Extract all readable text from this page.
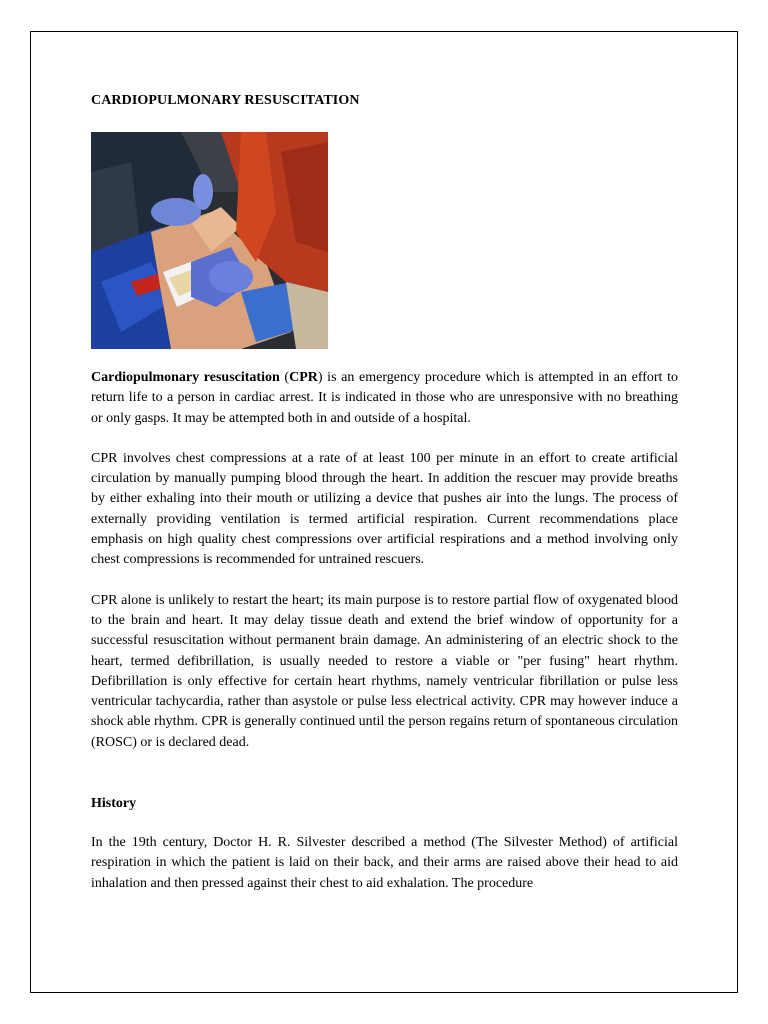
CARDIOPULMONARY RESUSCITATION

Cardiopulmonary resuscitation (CPR) is an emergency procedure which is attempted in an effort to return life to a person in cardiac arrest. It is indicated in those who are unresponsive with no breathing or only gasps. It may be attempted both in and outside of a hospital.

CPR involves chest compressions at a rate of at least 100 per minute in an effort to create artificial circulation by manually pumping blood through the heart. In addition the rescuer may provide breaths by either exhaling into their mouth or utilizing a device that pushes air into the lungs. The process of externally providing ventilation is termed artificial respiration. Current recommendations place emphasis on high quality chest compressions over artificial respirations and a method involving only chest compressions is recommended for untrained rescuers.

CPR alone is unlikely to restart the heart; its main purpose is to restore partial flow of oxygenated blood to the brain and heart. It may delay tissue death and extend the brief window of opportunity for a successful resuscitation without permanent brain damage. An administering of an electric shock to the heart, termed defibrillation, is usually needed to restore a viable or "per fusing" heart rhythm. Defibrillation is only effective for certain heart rhythms, namely ventricular fibrillation or pulse less ventricular tachycardia, rather than asystole or pulse less electrical activity. CPR may however induce a shock able rhythm. CPR is generally continued until the person regains return of spontaneous circulation (ROSC) or is declared dead.

History

In the 19th century, Doctor H. R. Silvester described a method (The Silvester Method) of artificial respiration in which the patient is laid on their back, and their arms are raised above their head to aid inhalation and then pressed against their chest to aid exhalation. The procedure
